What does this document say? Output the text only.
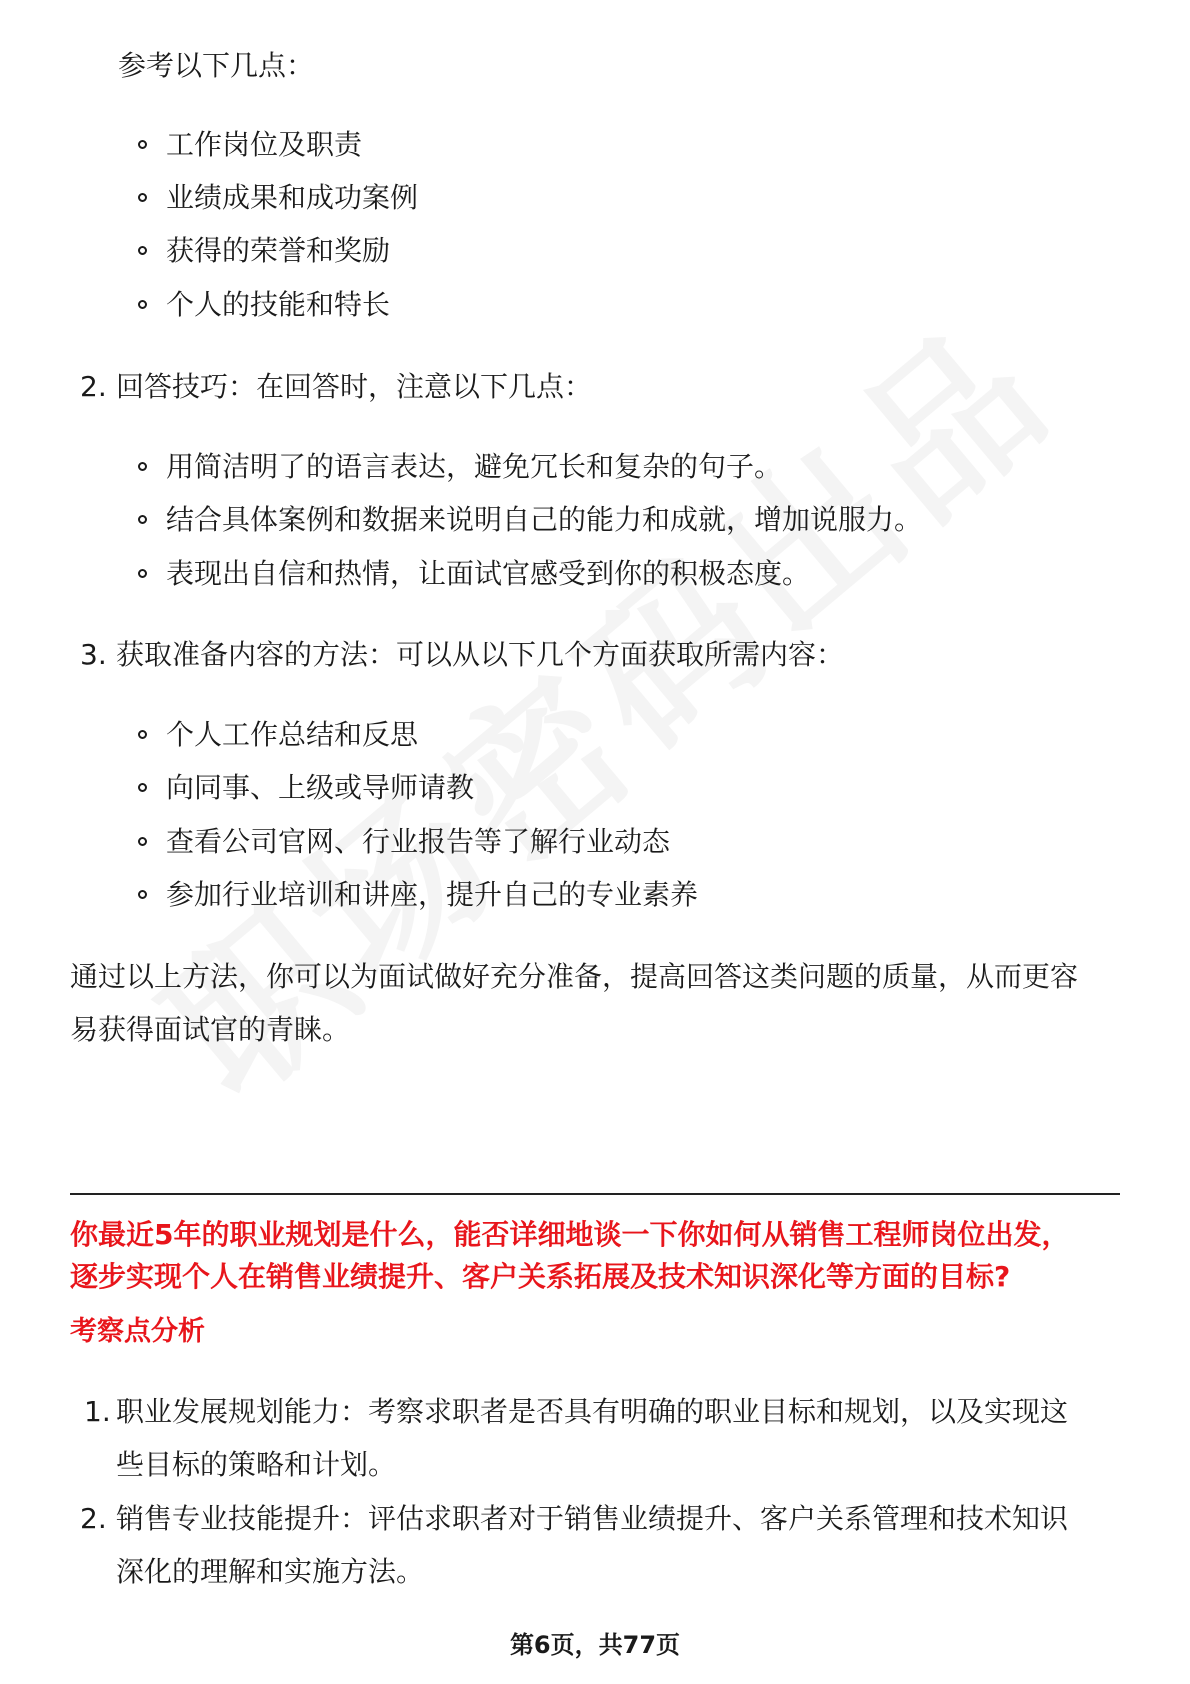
参考以下几点：
工作岗位及职责
业绩成果和成功案例
获得的荣誉和奖励
个人的技能和特长
2. 回答技巧：在回答时，注意以下几点：
用简洁明了的语言表达，避免冗长和复杂的句子。
结合具体案例和数据来说明自己的能力和成就，增加说服力。
表现出自信和热情，让面试官感受到你的积极态度。
3. 获取准备内容的方法：可以从以下几个方面获取所需内容：
个人工作总结和反思
向同事、上级或导师请教
查看公司官网、行业报告等了解行业动态
参加行业培训和讲座，提升自己的专业素养
通过以上方法，你可以为面试做好充分准备，提高回答这类问题的质量，从而更容
易获得面试官的青睐。
你最近5年的职业规划是什么，能否详细地谈一下你如何从销售工程师岗位出发，
逐步实现个人在销售业绩提升、客户关系拓展及技术知识深化等方面的目标?
考察点分析
1. 职业发展规划能力：考察求职者是否具有明确的职业目标和规划，以及实现这
些目标的策略和计划。
2. 销售专业技能提升：评估求职者对于销售业绩提升、客户关系管理和技术知识
深化的理解和实施方法。
第6页，共77页
